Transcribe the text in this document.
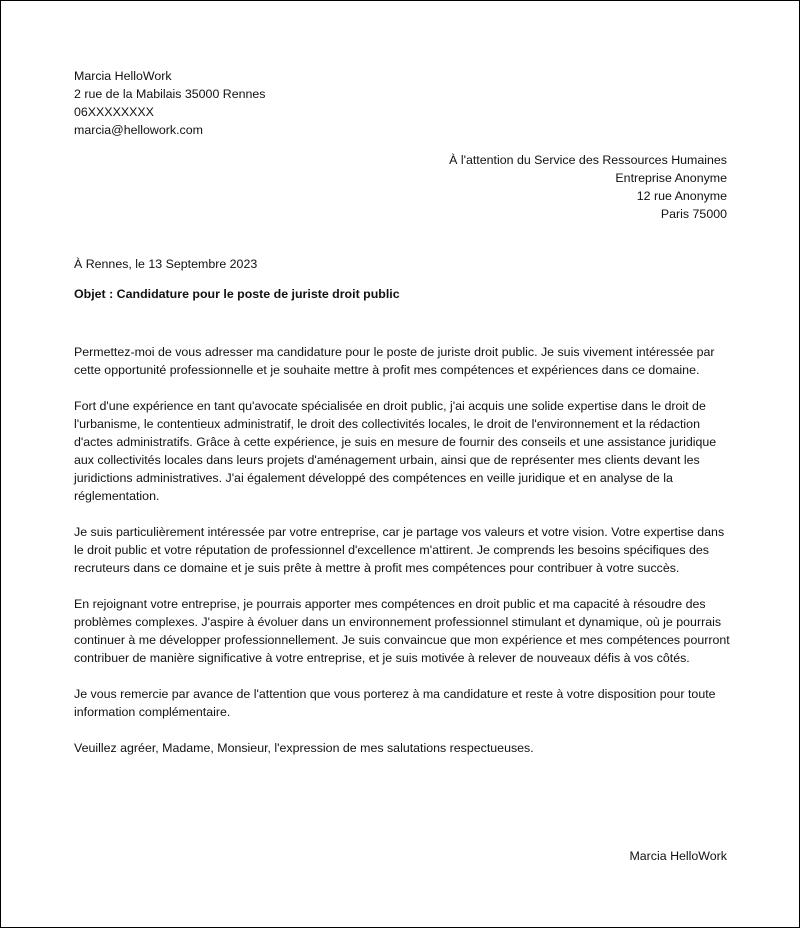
Marcia HelloWork
2 rue de la Mabilais 35000 Rennes
06XXXXXXXX
marcia@hellowork.com
À l'attention du Service des Ressources Humaines
Entreprise Anonyme
12 rue Anonyme
Paris 75000
À Rennes, le 13 Septembre 2023
Objet : Candidature pour le poste de juriste droit public

Permettez-moi de vous adresser ma candidature pour le poste de juriste droit public. Je suis vivement intéressée par cette opportunité professionnelle et je souhaite mettre à profit mes compétences et expériences dans ce domaine.

Fort d'une expérience en tant qu'avocate spécialisée en droit public, j'ai acquis une solide expertise dans le droit de l'urbanisme, le contentieux administratif, le droit des collectivités locales, le droit de l'environnement et la rédaction d'actes administratifs. Grâce à cette expérience, je suis en mesure de fournir des conseils et une assistance juridique aux collectivités locales dans leurs projets d'aménagement urbain, ainsi que de représenter mes clients devant les juridictions administratives. J'ai également développé des compétences en veille juridique et en analyse de la réglementation.

Je suis particulièrement intéressée par votre entreprise, car je partage vos valeurs et votre vision. Votre expertise dans le droit public et votre réputation de professionnel d'excellence m'attirent. Je comprends les besoins spécifiques des recruteurs dans ce domaine et je suis prête à mettre à profit mes compétences pour contribuer à votre succès.

En rejoignant votre entreprise, je pourrais apporter mes compétences en droit public et ma capacité à résoudre des problèmes complexes. J'aspire à évoluer dans un environnement professionnel stimulant et dynamique, où je pourrais continuer à me développer professionnellement. Je suis convaincue que mon expérience et mes compétences pourront contribuer de manière significative à votre entreprise, et je suis motivée à relever de nouveaux défis à vos côtés.

Je vous remercie par avance de l'attention que vous porterez à ma candidature et reste à votre disposition pour toute information complémentaire.

Veuillez agréer, Madame, Monsieur, l'expression de mes salutations respectueuses.

Marcia HelloWork
